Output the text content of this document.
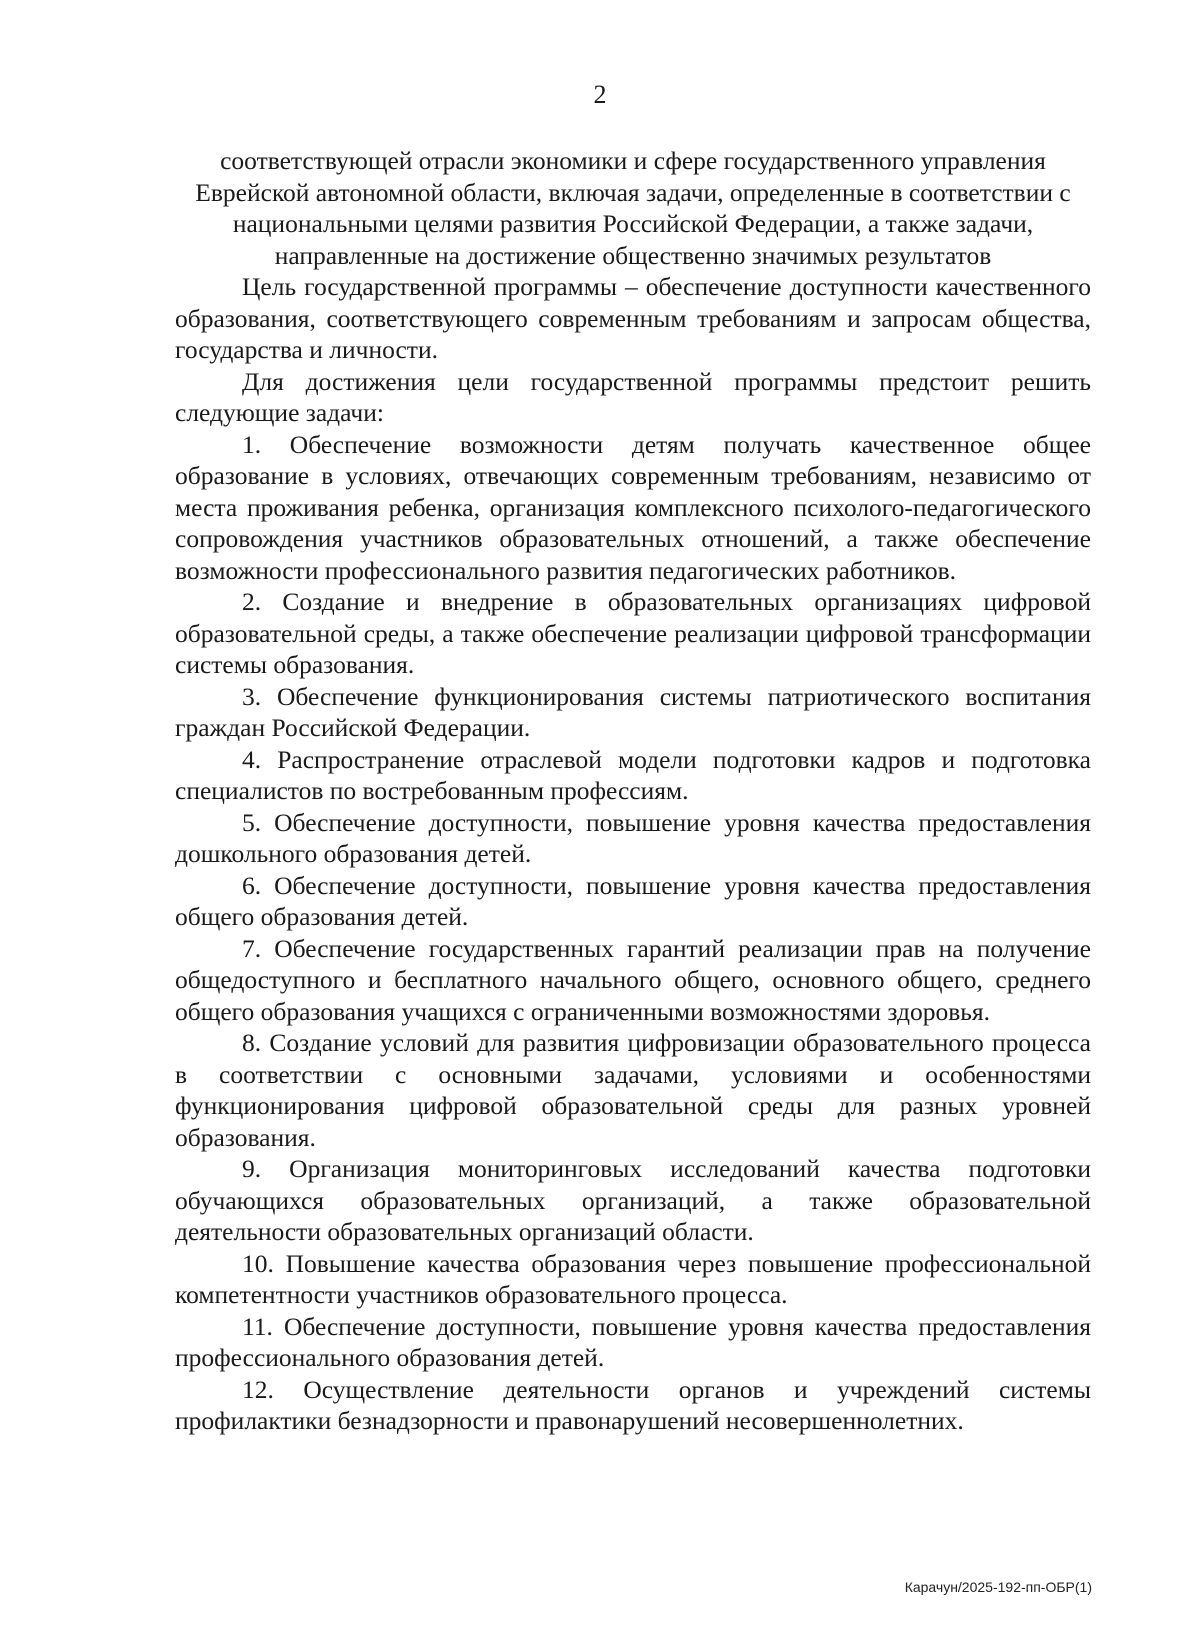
2

соответствующей отрасли экономики и сфере государственного управления Еврейской автономной области, включая задачи, определенные в соответствии с национальными целями развития Российской Федерации, а также задачи, направленные на достижение общественно значимых результатов

Цель государственной программы – обеспечение доступности качественного образования, соответствующего современным требованиям и запросам общества, государства и личности.

Для достижения цели государственной программы предстоит решить следующие задачи:

1. Обеспечение возможности детям получать качественное общее образование в условиях, отвечающих современным требованиям, независимо от места проживания ребенка, организация комплексного психолого-педагогического сопровождения участников образовательных отношений, а также обеспечение возможности профессионального развития педагогических работников.

2. Создание и внедрение в образовательных организациях цифровой образовательной среды, а также обеспечение реализации цифровой трансформации системы образования.

3. Обеспечение функционирования системы патриотического воспитания граждан Российской Федерации.

4. Распространение отраслевой модели подготовки кадров и подготовка специалистов по востребованным профессиям.

5. Обеспечение доступности, повышение уровня качества предоставления дошкольного образования детей.

6. Обеспечение доступности, повышение уровня качества предоставления общего образования детей.

7. Обеспечение государственных гарантий реализации прав на получение общедоступного и бесплатного начального общего, основного общего, среднего общего образования учащихся с ограниченными возможностями здоровья.

8. Создание условий для развития цифровизации образовательного процесса в соответствии с основными задачами, условиями и особенностями функционирования цифровой образовательной среды для разных уровней образования.

9. Организация мониторинговых исследований качества подготовки обучающихся образовательных организаций, а также образовательной деятельности образовательных организаций области.

10. Повышение качества образования через повышение профессиональной компетентности участников образовательного процесса.

11. Обеспечение доступности, повышение уровня качества предоставления профессионального образования детей.

12. Осуществление деятельности органов и учреждений системы профилактики безнадзорности и правонарушений несовершеннолетних.

Карачун/2025-192-пп-ОБР(1)
